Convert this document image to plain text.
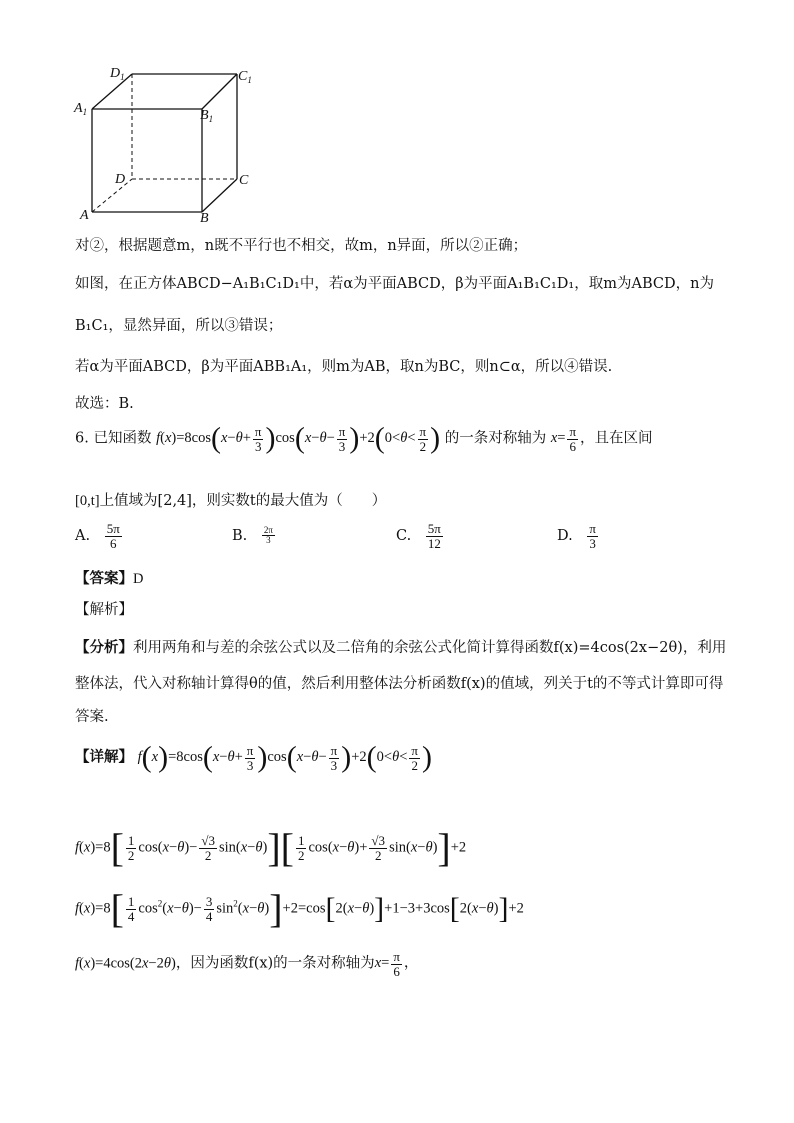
$D_1$	$C_1$
$A_1$	$B_1$
D	C
A	B
对②，根据题意m，n既不平行也不相交，故m，n异面，所以②正确；
如图，在正方体ABCD−A₁B₁C₁D₁中，若α为平面ABCD，β为平面A₁B₁C₁D₁，取m为ABCD，n为
B₁C₁，显然异面，所以③错误；
若α为平面ABCD，β为平面ABB₁A₁，则m为AB，取n为BC，则n⊂α，所以④错误.
故选：B.
6. 已知函数 $f(x)=8\cos(x-\theta+ \frac{\pi}{3} )\cos(x-\theta- \frac{\pi}{3} )+2(0<\theta< \frac{\pi}{2}$ ) 的一条对称轴为 $x= \frac{\pi}{6}$ ，且在区间
[0,t]上值域为[2,4]，则实数t的最大值为（　　）
A. $\frac{5\pi}{6}$	B. $\frac{2\pi}{3}$	C. $\frac{5\pi}{12}$	D. $\frac{\pi}{3}$
【答案】D
【解析】
【分析】利用两角和与差的余弦公式以及二倍角的余弦公式化简计算得函数f(x)=4cos(2x−2θ)，利用
整体法，代入对称轴计算得θ的值，然后利用整体法分析函数f(x)的值域，列关于t的不等式计算即可得
答案.
【详解】 $f(x)=8\cos(x-\theta+ \frac{\pi}{3} )\cos(x-\theta- \frac{\pi}{3} )+2(0<\theta< \frac{\pi}{2}$ )
$f(x)=8[ \frac{1}{2} \cos(x-\theta)- \frac{√3}{2} \sin(x-\theta)][ \frac{1}{2} \cos(x-\theta)+ \frac{√3}{2} \sin(x-\theta)]+2$
$f(x)=8[ \frac{1}{4} \cos^2(x-\theta)- \frac{3}{4} \sin^2(x-\theta)]+2=\cos[2(x-\theta)]+1-3+3\cos[2(x-\theta)]+2$
f(x)=4cos(2x−2θ)，因为函数f(x)的一条对称轴为$x= \frac{\pi}{6}$ ，
